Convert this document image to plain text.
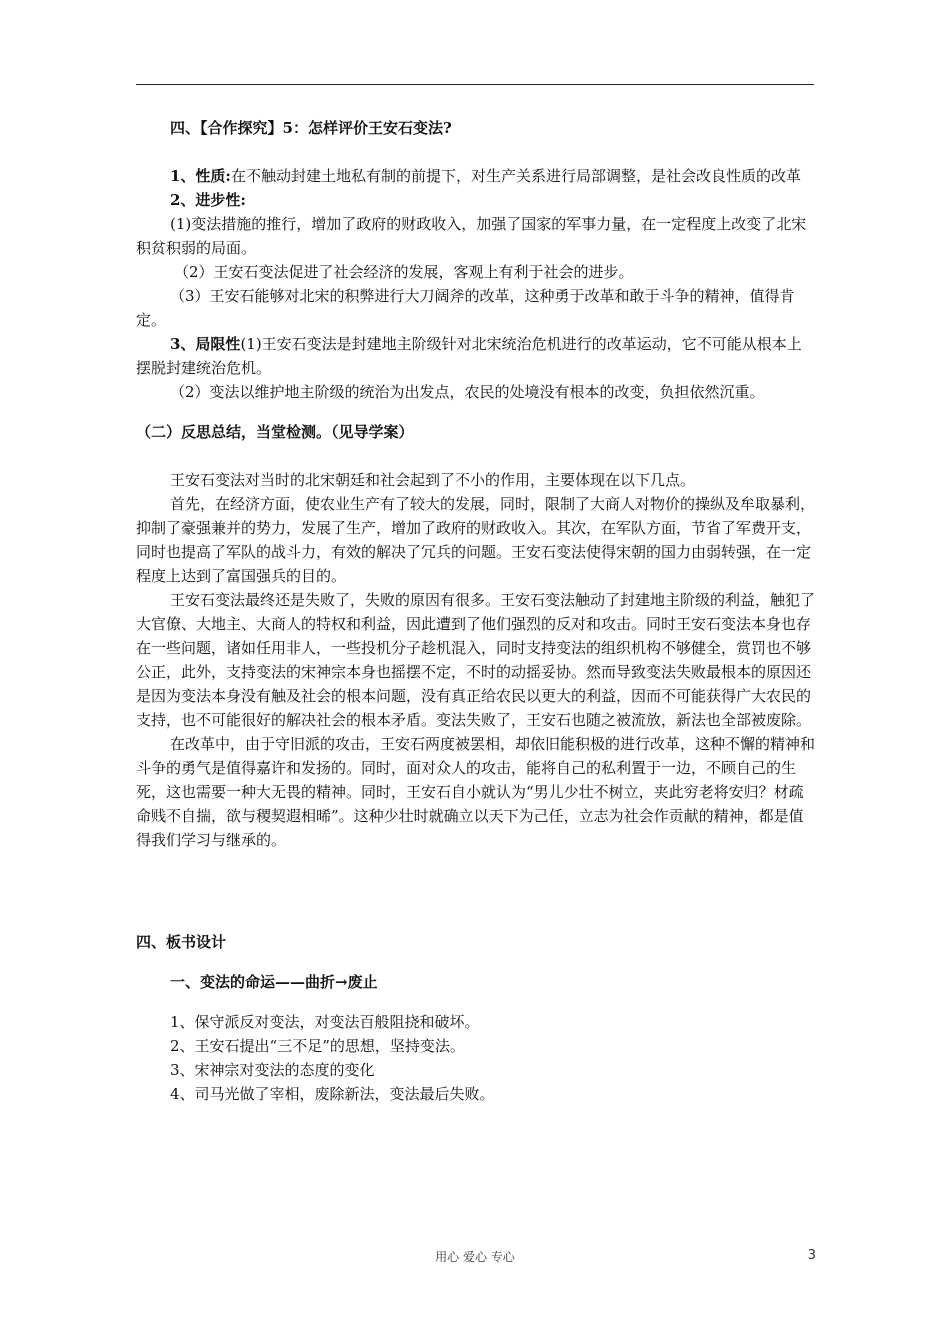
四、【合作探究】5：怎样评价王安石变法?

1、性质:在不触动封建土地私有制的前提下，对生产关系进行局部调整，是社会改良性质的改革

2、进步性:

(1)变法措施的推行，增加了政府的财政收入，加强了国家的军事力量，在一定程度上改变了北宋积贫积弱的局面。

（2）王安石变法促进了社会经济的发展，客观上有利于社会的进步。

（3）王安石能够对北宋的积弊进行大刀阔斧的改革，这种勇于改革和敢于斗争的精神，值得肯定。

3、局限性(1)王安石变法是封建地主阶级针对北宋统治危机进行的改革运动，它不可能从根本上摆脱封建统治危机。

（2）变法以维护地主阶级的统治为出发点，农民的处境没有根本的改变，负担依然沉重。

（二）反思总结，当堂检测。（见导学案）

王安石变法对当时的北宋朝廷和社会起到了不小的作用，主要体现在以下几点。

首先，在经济方面，使农业生产有了较大的发展，同时，限制了大商人对物价的操纵及牟取暴利，抑制了豪强兼并的势力，发展了生产，增加了政府的财政收入。其次，在军队方面，节省了军费开支，同时也提高了军队的战斗力，有效的解决了冗兵的问题。王安石变法使得宋朝的国力由弱转强，在一定程度上达到了富国强兵的目的。

王安石变法最终还是失败了，失败的原因有很多。王安石变法触动了封建地主阶级的利益，触犯了大官僚、大地主、大商人的特权和利益，因此遭到了他们强烈的反对和攻击。同时王安石变法本身也存在一些问题，诸如任用非人，一些投机分子趁机混入，同时支持变法的组织机构不够健全，赏罚也不够公正，此外，支持变法的宋神宗本身也摇摆不定，不时的动摇妥协。然而导致变法失败最根本的原因还是因为变法本身没有触及社会的根本问题，没有真正给农民以更大的利益，因而不可能获得广大农民的支持，也不可能很好的解决社会的根本矛盾。变法失败了，王安石也随之被流放，新法也全部被废除。

在改革中，由于守旧派的攻击，王安石两度被罢相，却依旧能积极的进行改革，这种不懈的精神和斗争的勇气是值得嘉许和发扬的。同时，面对众人的攻击，能将自己的私利置于一边，不顾自己的生死，这也需要一种大无畏的精神。同时，王安石自小就认为“男儿少壮不树立，夹此穷老将安归？材疏命贱不自揣，欲与稷契遐相晞”。这种少壮时就确立以天下为己任，立志为社会作贡献的精神，都是值得我们学习与继承的。

四、板书设计

一、变法的命运——曲折→废止

1、保守派反对变法，对变法百般阻挠和破坏。

2、王安石提出“三不足”的思想，坚持变法。

3、宋神宗对变法的态度的变化

4、司马光做了宰相，废除新法，变法最后失败。

用心 爱心 专心	3
